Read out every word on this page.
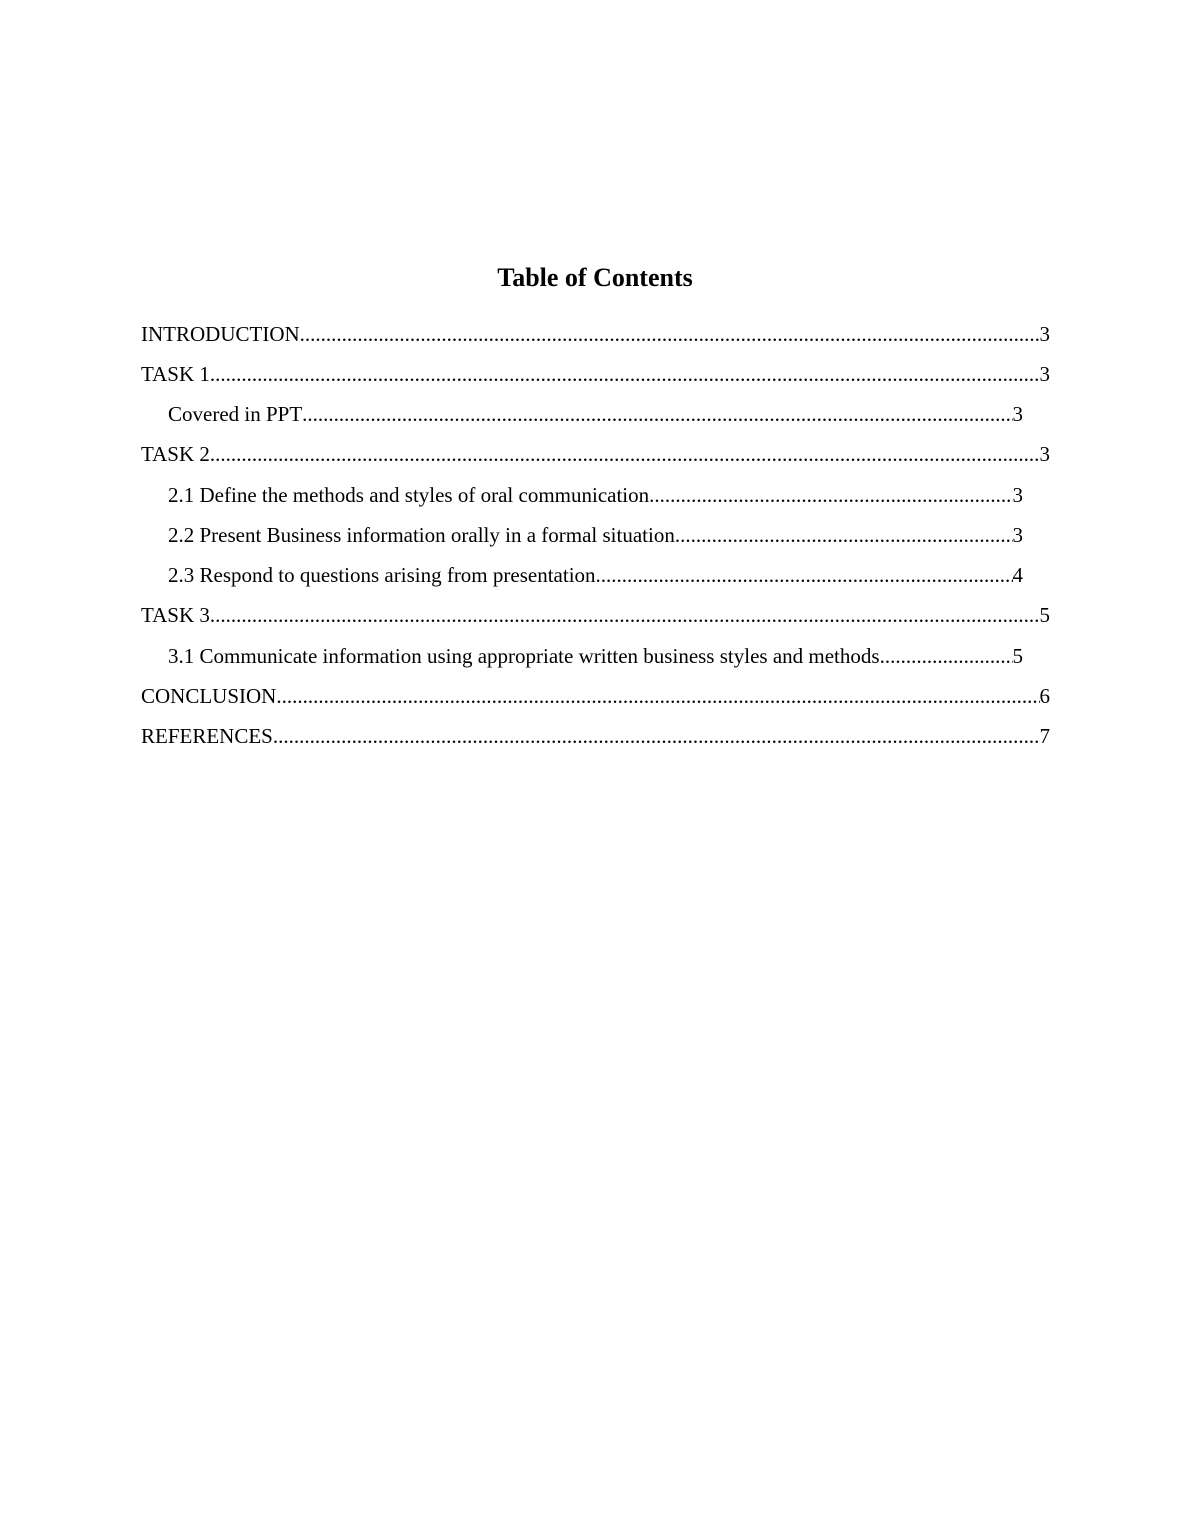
Table of Contents
INTRODUCTION .....	3
TASK 1 .....	3
Covered in PPT .....	3
TASK 2 .....	3
2.1 Define the methods and styles of oral communication .....	3
2.2 Present Business information orally in a formal situation .....	3
2.3 Respond to questions arising from presentation .....	4
TASK 3 .....	5
3.1 Communicate information using appropriate written business styles and methods .....	5
CONCLUSION .....	6
REFERENCES .....	7
